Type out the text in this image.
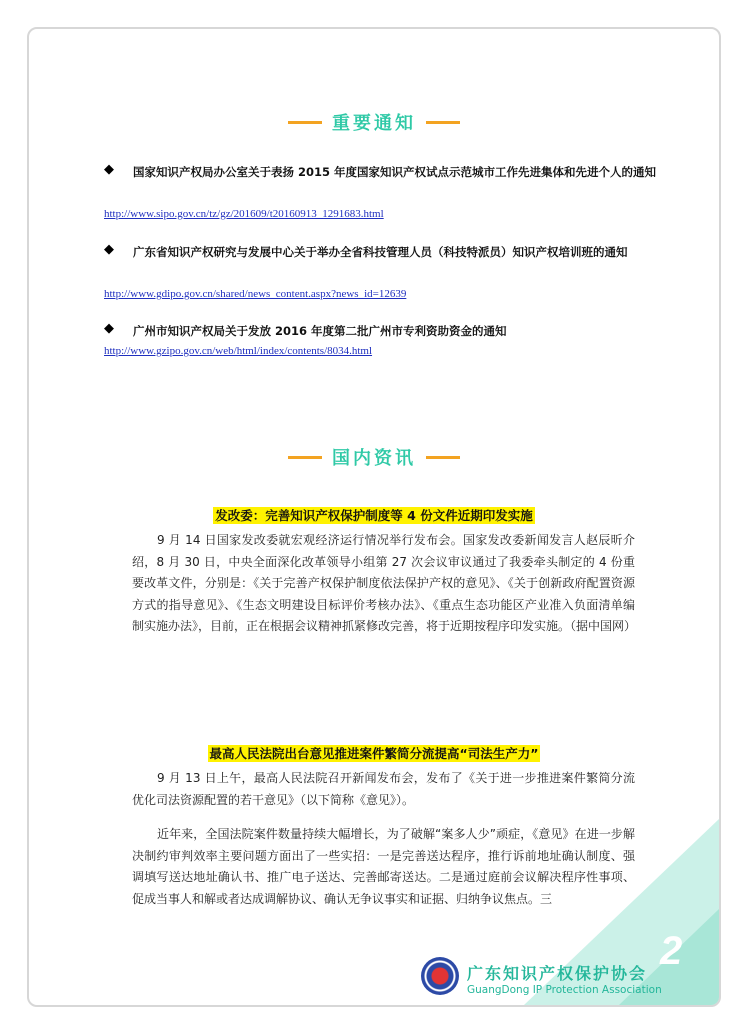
重要通知
◆ 国家知识产权局办公室关于表扬 2015 年度国家知识产权试点示范城市工作先进集体和先进个人的通知
http://www.sipo.gov.cn/tz/gz/201609/t20160913_1291683.html
◆ 广东省知识产权研究与发展中心关于举办全省科技管理人员（科技特派员）知识产权培训班的通知
http://www.gdipo.gov.cn/shared/news_content.aspx?news_id=12639
◆ 广州市知识产权局关于发放 2016 年度第二批广州市专利资助资金的通知
http://www.gzipo.gov.cn/web/html/index/contents/8034.html
国内资讯
发改委：完善知识产权保护制度等 4 份文件近期印发实施
9 月 14 日国家发改委就宏观经济运行情况举行发布会。国家发改委新闻发言人赵辰昕介绍，8 月 30 日，中央全面深化改革领导小组第 27 次会议审议通过了我委牵头制定的 4 份重要改革文件，分别是：《关于完善产权保护制度依法保护产权的意见》、《关于创新政府配置资源方式的指导意见》、《生态文明建设目标评价考核办法》、《重点生态功能区产业准入负面清单编制实施办法》，目前，正在根据会议精神抓紧修改完善，将于近期按程序印发实施。（据中国网）
最高人民法院出台意见推进案件繁简分流提高“司法生产力”
9 月 13 日上午，最高人民法院召开新闻发布会，发布了《关于进一步推进案件繁简分流优化司法资源配置的若干意见》（以下简称《意见》）。
近年来，全国法院案件数量持续大幅增长，为了破解“案多人少”顽症，《意见》在进一步解决制约审判效率主要问题方面出了一些实招：一是完善送达程序，推行诉前地址确认制度、强调填写送达地址确认书、推广电子送达、完善邮寄送达。二是通过庭前会议解决程序性事项、促成当事人和解或者达成调解协议、确认无争议事实和证据、归纳争议焦点。三
2
广东知识产权保护协会
GuangDong IP Protection Association
